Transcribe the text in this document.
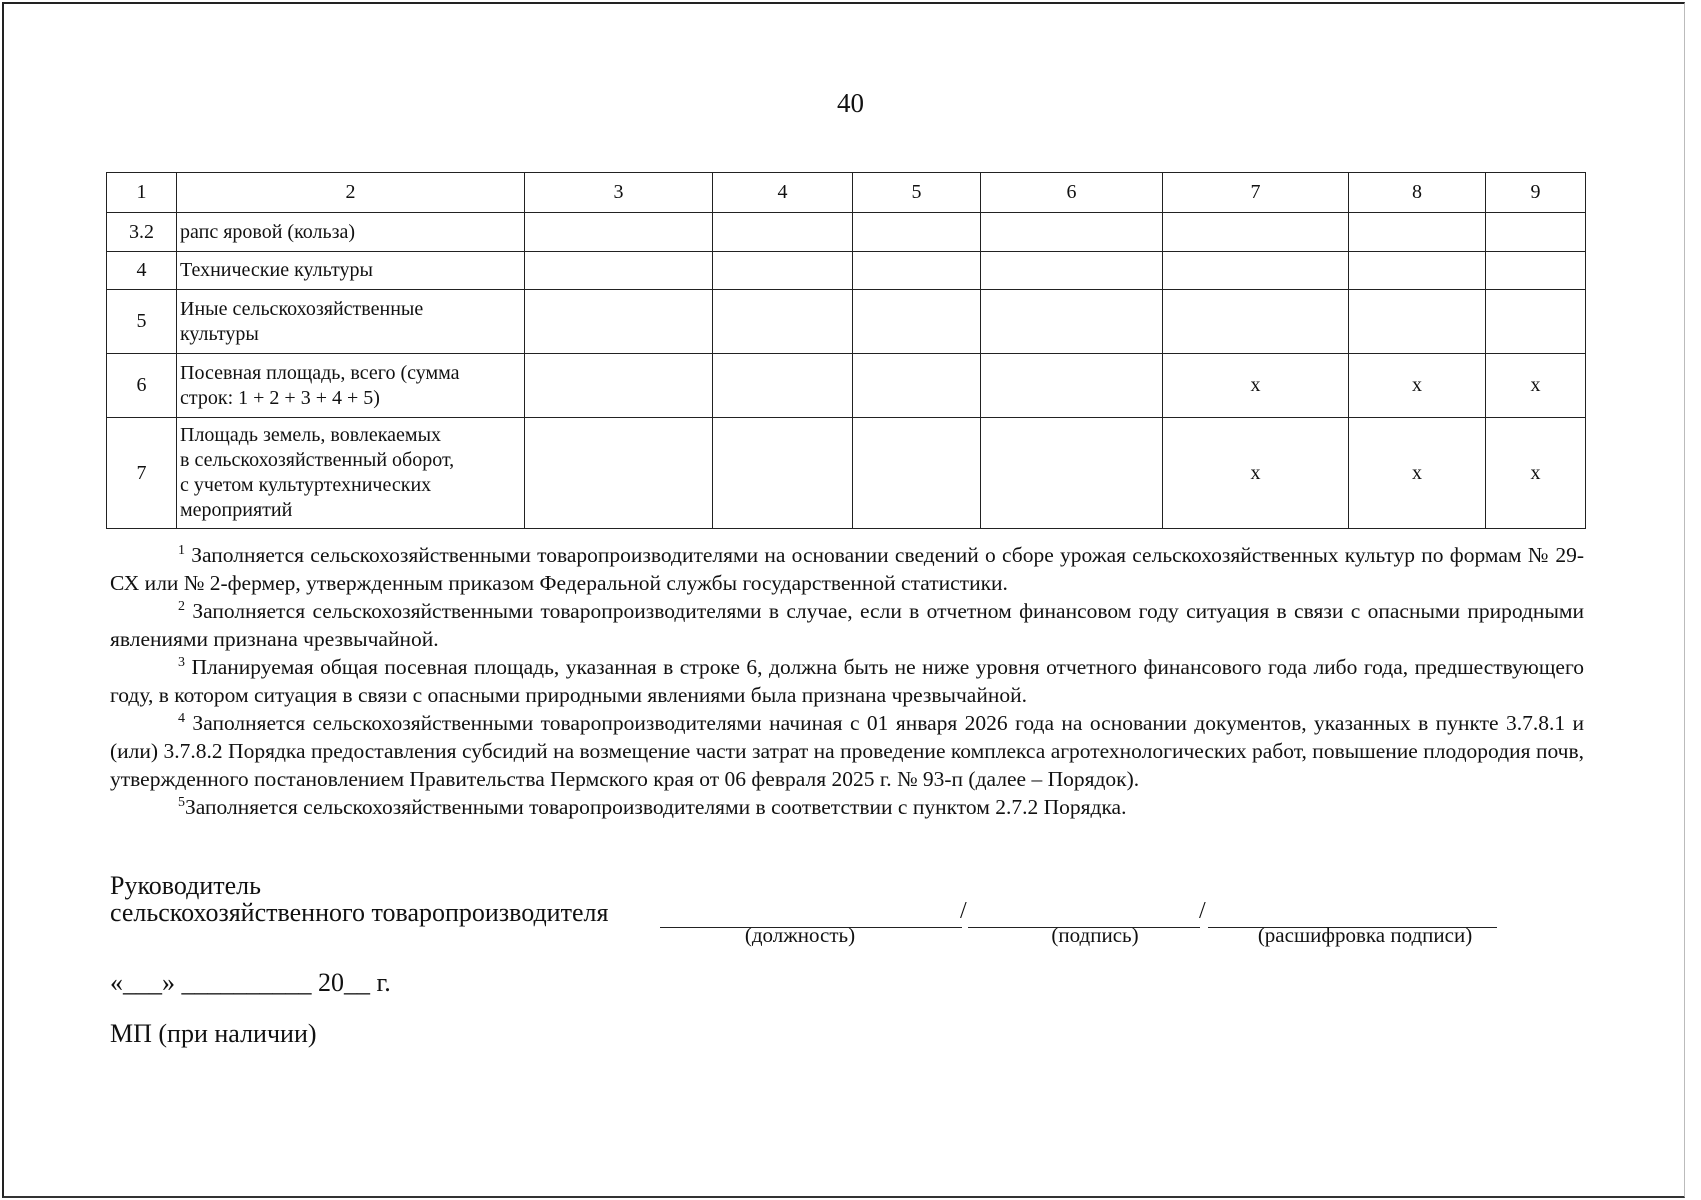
40
1	2	3	4	5	6	7	8	9
3.2	рапс яровой (кольза)							
4	Технические культуры							
5	Иные сельскохозяйственные
культуры							

6	Посевная площадь, всего (сумма
строк: 1 + 2 + 3 + 4 + 5)					х	х	х
7	Площадь земель, вовлекаемых
в сельскохозяйственный оборот,
с учетом культуртехнических
мероприятий					х	х	х

$^1$ Заполняется сельскохозяйственными товаропроизводителями на основании сведений о сборе урожая сельскохозяйственных культур по формам № 29-СХ или № 2-фермер, утвержденным приказом Федеральной службы государственной статистики.

$^2$ Заполняется сельскохозяйственными товаропроизводителями в случае, если в отчетном финансовом году ситуация в связи с опасными природными явлениями признана чрезвычайной.

$^3$ Планируемая общая посевная площадь, указанная в строке 6, должна быть не ниже уровня отчетного финансового года либо года, предшествующего году, в котором ситуация в связи с опасными природными явлениями была признана чрезвычайной.

$^4$ Заполняется сельскохозяйственными товаропроизводителями начиная с 01 января 2026 года на основании документов, указанных в пункте 3.7.8.1 и (или) 3.7.8.2 Порядка предоставления субсидий на возмещение части затрат на проведение комплекса агротехнологических работ, повышение плодородия почв, утвержденного постановлением Правительства Пермского края от 06 февраля 2025 г. № 93-п (далее – Порядок).

$^5$Заполняется сельскохозяйственными товаропроизводителями в соответствии с пунктом 2.7.2 Порядка.

Руководитель
сельскохозяйственного товаропроизводителя	/	/
(должность)	(подпись)	(расшифровка подписи)
«___» __________ 20__ г.
МП (при наличии)
